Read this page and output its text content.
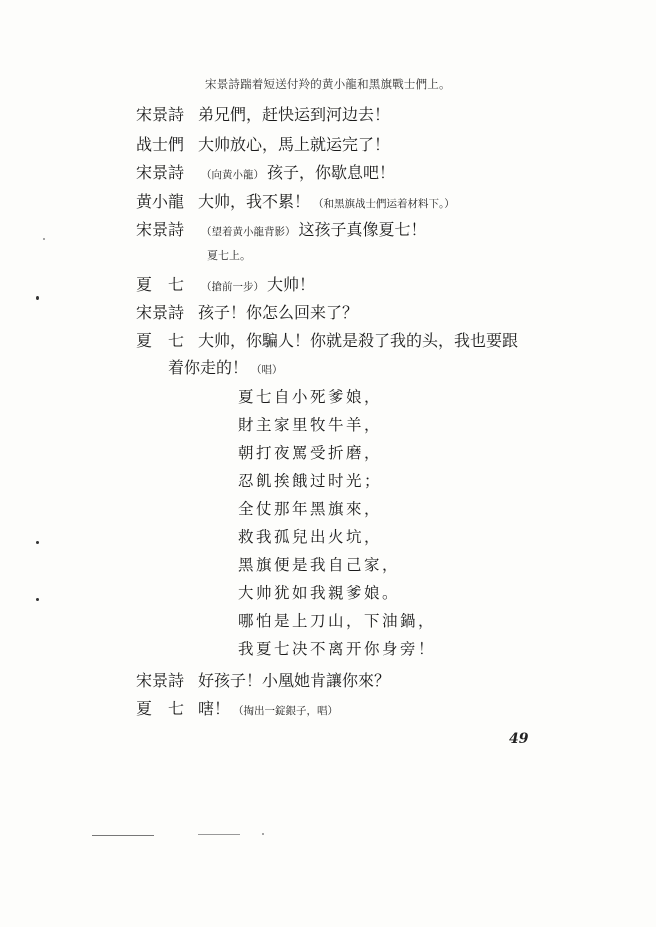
宋景詩踹着短送付羚的黄小龍和黑旗戰士們上。
宋景詩 弟兄們，赶快运到河边去！
战士們 大帅放心，馬上就运完了！
宋景詩 （向黄小龍） 孩子，你歇息吧！
黄小龍 大帅，我不累！ （和黑旗战士們运着材料下。）
宋景詩 （望着黄小龍背影） 这孩子真像夏七！
夏七上。
夏　七 （搶前一步） 大帅！
宋景詩 孩子！你怎么回来了？
夏　七 大帅，你騙人！你就是殺了我的头，我也要跟
着你走的！ （唱）
夏七自小死爹娘，
財主家里牧牛羊，
朝打夜罵受折磨，
忍飢挨餓过时光；
全仗那年黑旗來，
救我孤兒出火坑，
黑旗便是我自己家，
大帅犹如我親爹娘。
哪怕是上刀山，下油鍋，
我夏七决不离开你身旁！
宋景詩 好孩子！小凰她肯讓你來？
夏　七 嗐！ （掏出一錠銀子，唱）
49
